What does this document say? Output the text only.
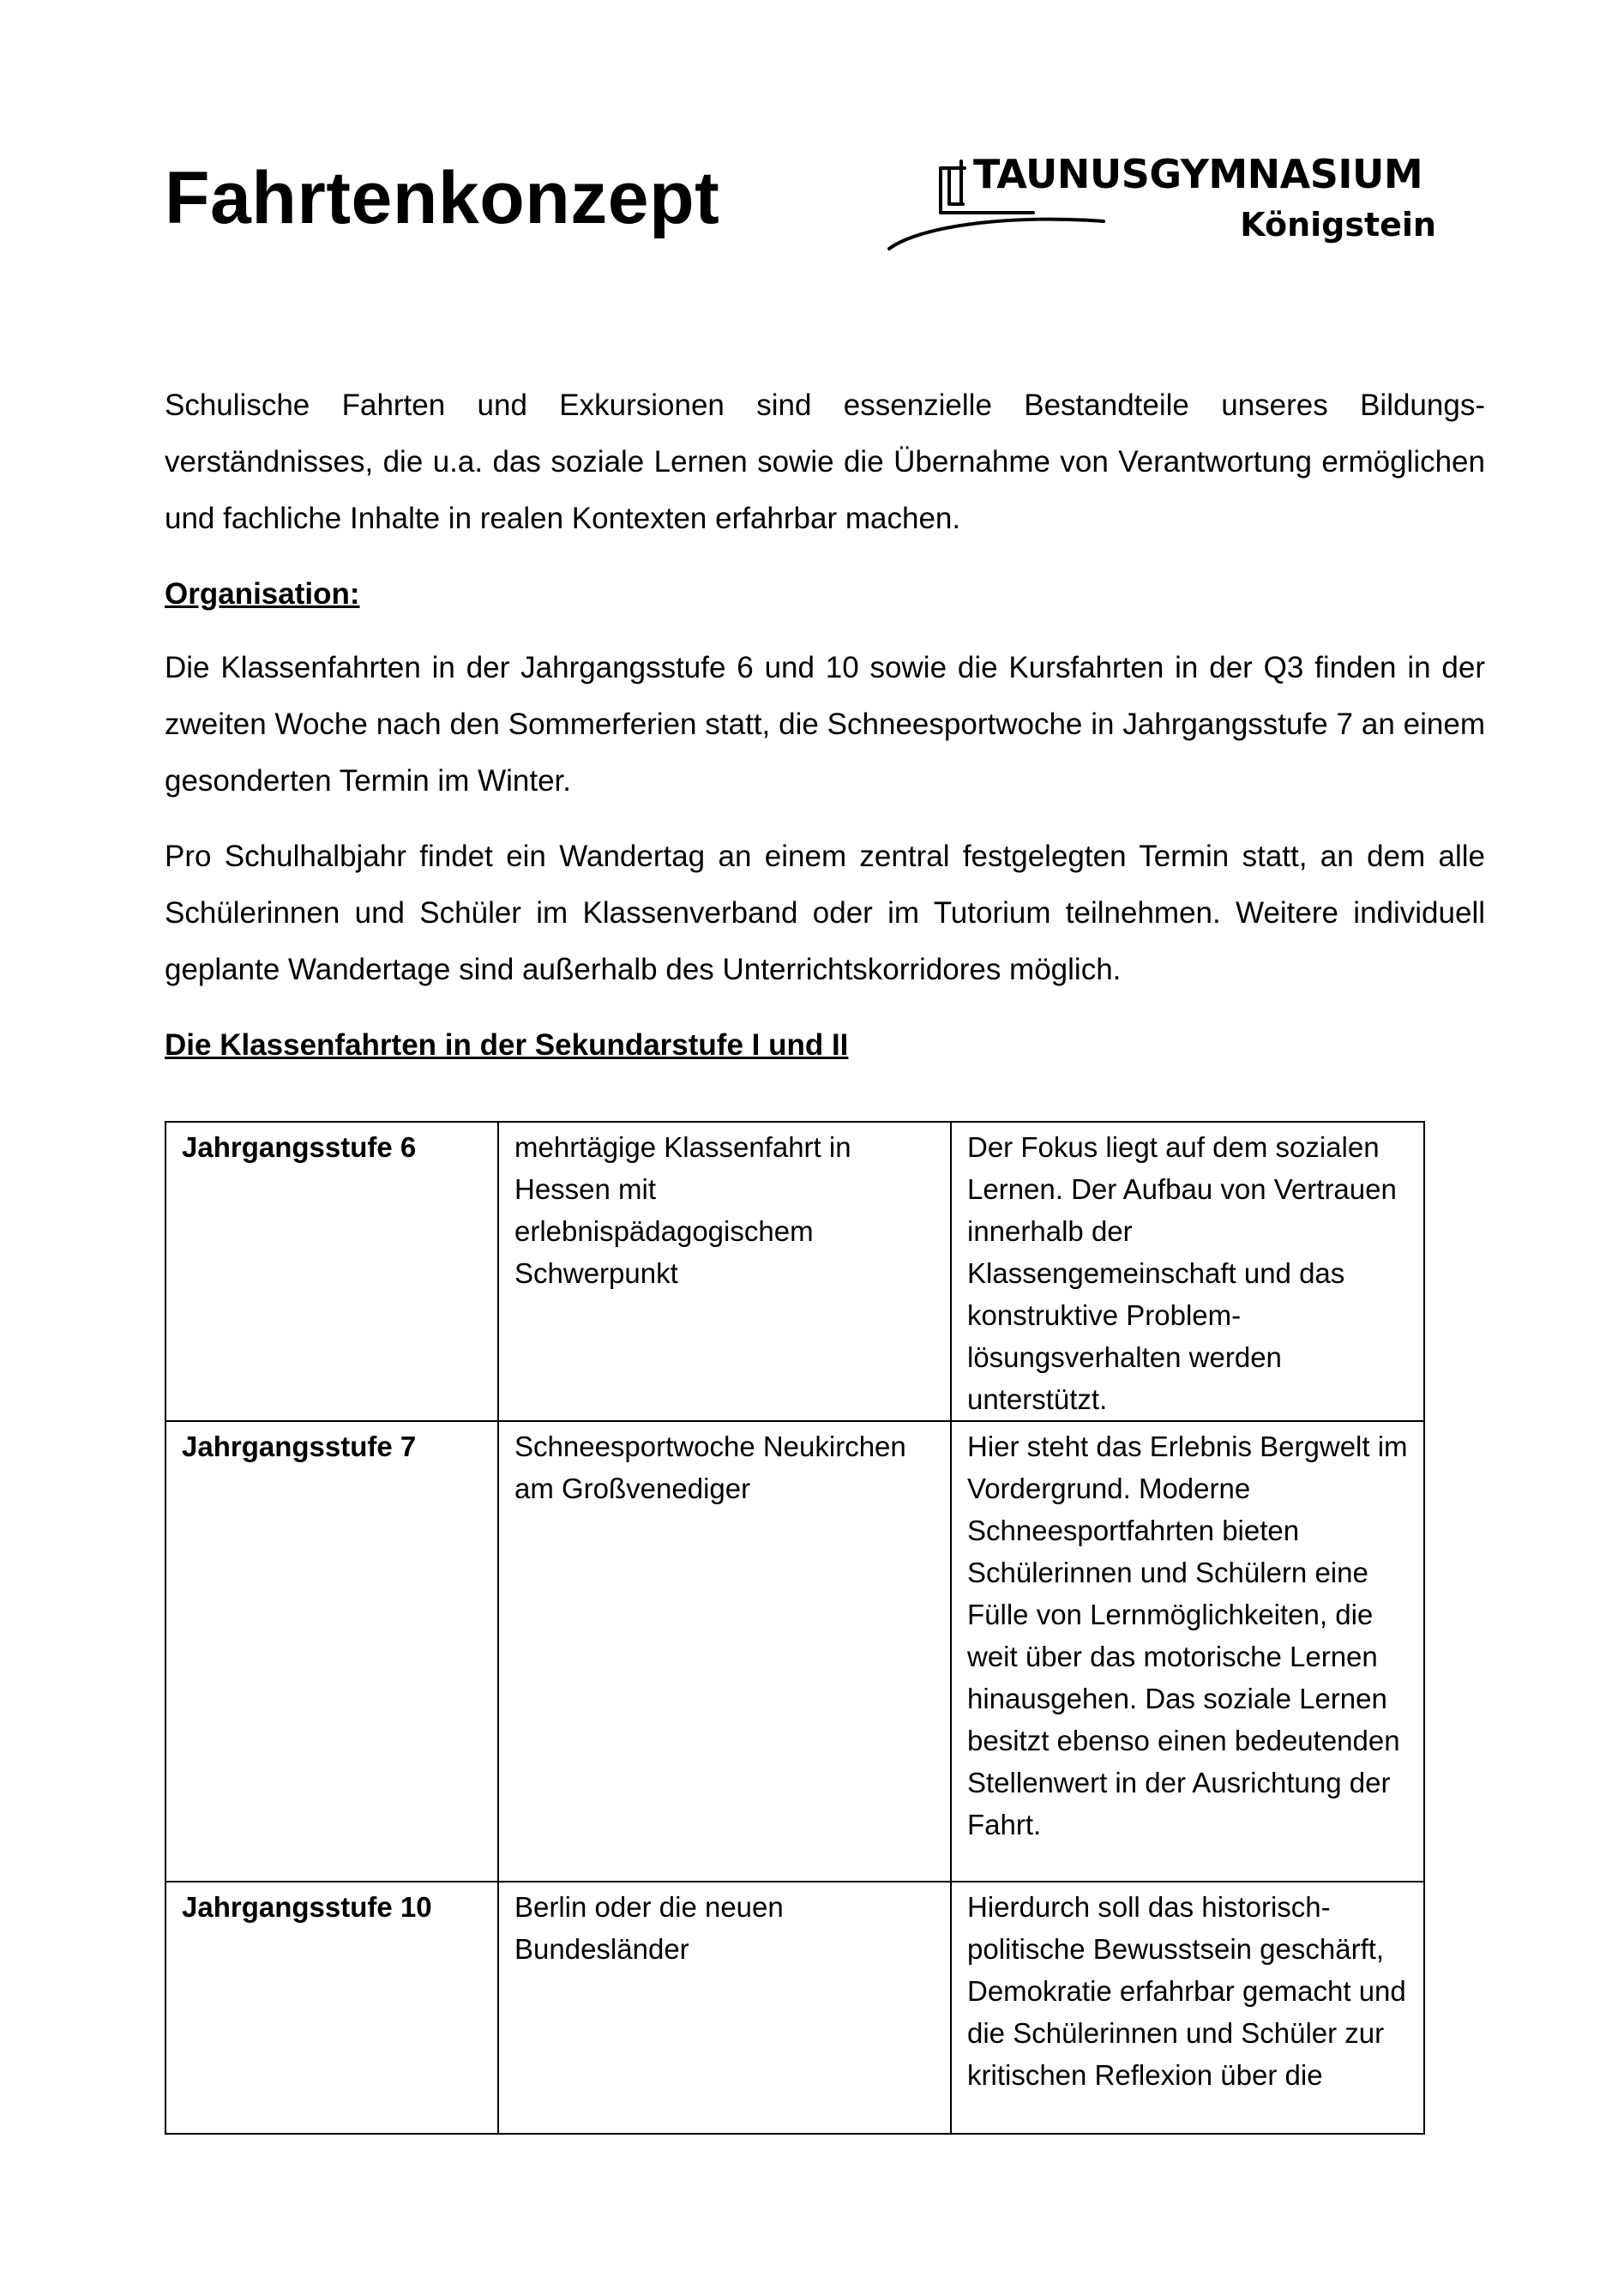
Fahrtenkonzept	TAUNUSGYMNASIUM
Königstein

Schulische Fahrten und Exkursionen sind essenzielle Bestandteile unseres Bildungs-verständnisses, die u.a. das soziale Lernen sowie die Übernahme von Verantwortung ermöglichen und fachliche Inhalte in realen Kontexten erfahrbar machen.

Organisation:

Die Klassenfahrten in der Jahrgangsstufe 6 und 10 sowie die Kursfahrten in der Q3 finden in der zweiten Woche nach den Sommerferien statt, die Schneesportwoche in Jahrgangsstufe 7 an einem gesonderten Termin im Winter.

Pro Schulhalbjahr findet ein Wandertag an einem zentral festgelegten Termin statt, an dem alle Schülerinnen und Schüler im Klassenverband oder im Tutorium teilnehmen. Weitere individuell geplante Wandertage sind außerhalb des Unterrichtskorridores möglich.

Die Klassenfahrten in der Sekundarstufe I und II
Jahrgangsstufe 6	mehrtägige Klassenfahrt in Hessen mit erlebnispädagogischem Schwerpunkt	Der Fokus liegt auf dem sozialen Lernen. Der Aufbau von Vertrauen innerhalb der Klassengemeinschaft und das konstruktive Problem-lösungsverhalten werden unterstützt.
Jahrgangsstufe 7	Schneesportwoche Neukirchen am Großvenediger	Hier steht das Erlebnis Bergwelt im Vordergrund. Moderne Schneesportfahrten bieten Schülerinnen und Schülern eine Fülle von Lernmöglichkeiten, die weit über das motorische Lernen hinausgehen. Das soziale Lernen besitzt ebenso einen bedeutenden Stellenwert in der Ausrichtung der Fahrt.
Jahrgangsstufe 10	Berlin oder die neuen Bundesländer	Hierdurch soll das historisch-politische Bewusstsein geschärft, Demokratie erfahrbar gemacht und die Schülerinnen und Schüler zur kritischen Reflexion über die
